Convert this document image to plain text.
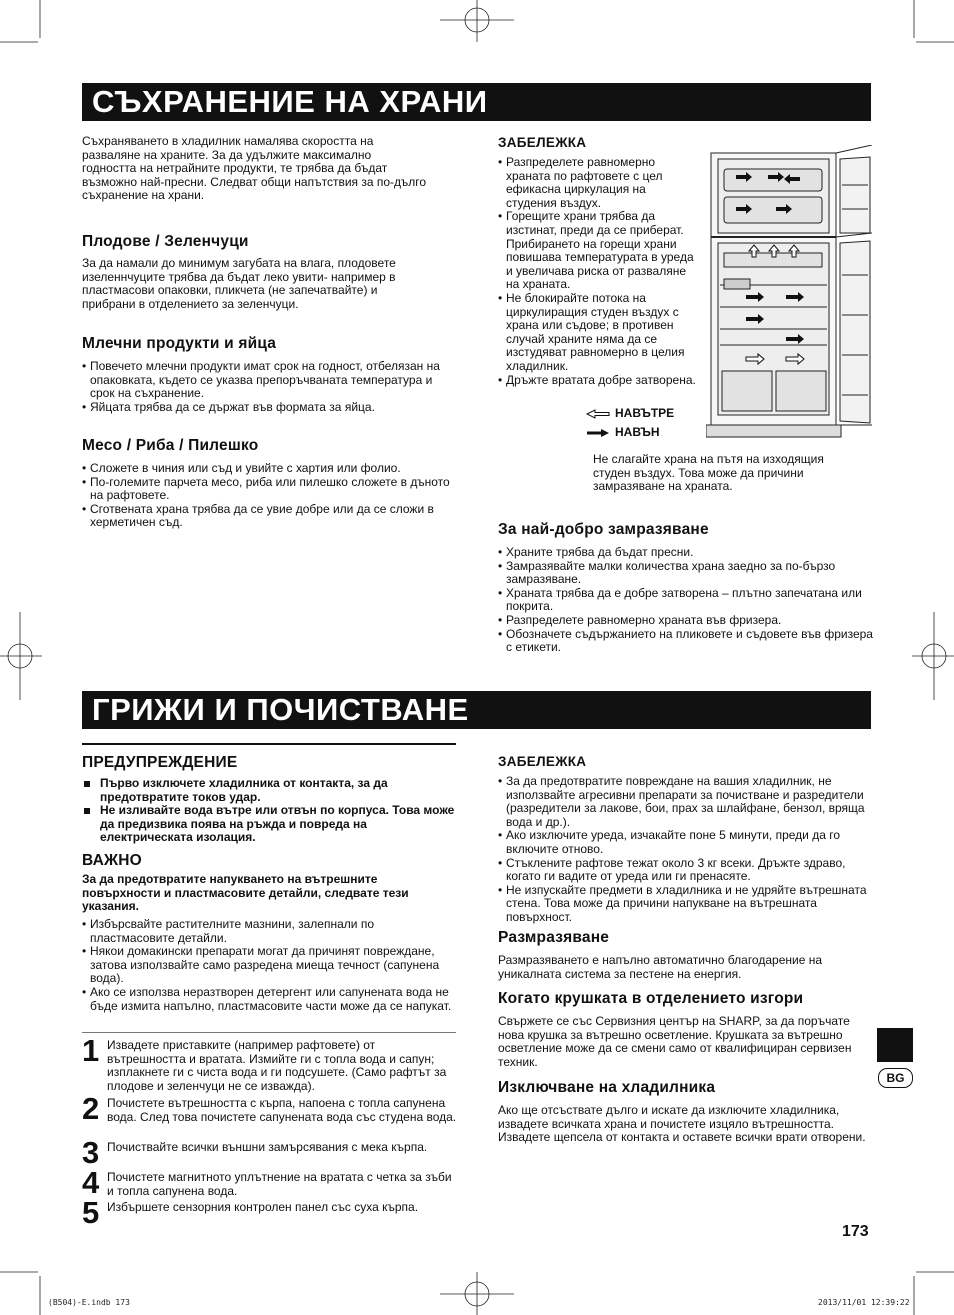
СЪХРАНЕНИЕ НА ХРАНИ

Съхраняването в хладилник намалява скоростта на разваляне на храните. За да удължите максимално годността на нетрайните продукти, те трябва да бъдат възможно най-пресни. Следват общи напътствия за по-дълго съхранение на храни.

Плодове / Зеленчуци

За да намали до минимум загубата на влага, плодовете изеленнчуците трябва да бъдат леко увити- например в пластмасови опаковки, пликчета (не запечатвайте) и прибрани в отделението за зеленчуци.

Млечни продукти и яйца
• Повечето млечни продукти имат срок на годност, отбелязан на опаковката, където се указва препоръчваната температура и срок на съхранение.
• Яйцата трябва да се държат във формата за яйца.
Месо / Риба / Пилешко
• Сложете в чиния или съд и увийте с хартия или фолио.
• По-големите парчета месо, риба или пилешко сложете в дъното на рафтовете.
• Сготвената храна трябва да се увие добре или да се сложи в херметичен съд.
ЗАБЕЛЕЖКА
• Разпределете равномерно храната по рафтовете с цел ефикасна циркулация на студения въздух.
• Горещите храни трябва да изстинат, преди да се приберат. Прибирането на горещи храни повишава температурата в уреда и увеличава риска от разваляне на храната.
• Не блокирайте потока на циркулиращия студен въздух с храна или съдове; в противен случай храните няма да се изстудяват равномерно в целия хладилник.
• Дръжте вратата добре затворена.
НАВЪТРЕ
НАВЪН

Не слагайте храна на пътя на изходящия студен въздух. Това може да причини замразяване на храната.

За най-добро замразяване
• Храните трябва да бъдат пресни.
• Замразявайте малки количества храна заедно за по-бързо замразяване.
• Храната трябва да е добре затворена – плътно запечатана или покрита.
• Разпределете равномерно храната във фризера.
• Обозначете съдържанието на пликовете и съдовете във фризера с етикети.
ГРИЖИ И ПОЧИСТВАНЕ
ПРЕДУПРЕЖДЕНИЕ
Първо изключете хладилника от контакта, за да предотвратите токов удар.
Не изливайте вода вътре или отвън по корпуса. Това може да предизвика поява на ръжда и повреда на електрическата изолация.
ВАЖНО

За да предотвратите напукването на вътрешните повърхности и пластмасовите детайли, следвате тези указания.

• Избърсвайте растителните мазнини, залепнали по пластмасовите детайли.
• Някои домакински препарати могат да причинят повреждане, затова използвайте само разредена миеща течност (сапунена вода).
• Ако се използва неразтворен детергент или сапунената вода не бъде измита напълно, пластмасовите части може да се напукат.
1 Извадете приставките (например рафтовете) от вътрешността и вратата. Измийте ги с топла вода и сапун; изплакнете ги с чиста вода и ги подсушете. (Само рафтът за плодове и зеленчуци не се изважда).
2 Почистете вътрешността с кърпа, напоена с топла сапунена вода. След това почистете сапунената вода със студена вода.
3 Почиствайте всички външни замърсявания с мека кърпа.
4 Почистете магнитното уплътнение на вратата с четка за зъби и топла сапунена вода.
5 Избършете сензорния контролен панел със суха кърпа.
ЗАБЕЛЕЖКА
• За да предотвратите повреждане на вашия хладилник, не използвайте агресивни препарати за почистване и разредители (разредители за лакове, бои, прах за шлайфане, бензол, вряща вода и др.).
• Ако изключите уреда, изчакайте поне 5 минути, преди да го включите отново.
• Стъклените рафтове тежат около 3 кг всеки. Дръжте здраво, когато ги вадите от уреда или ги пренасяте.
• Не изпускайте предмети в хладилника и не удряйте вътрешната стена. Това може да причини напукване на вътрешната повърхност.
Размразяване

Размразяването е напълно автоматично благодарение на уникалната система за пестене на енергия.

Когато крушката в отделението изгори

Свържете се със Сервизния център на SHARP, за да поръчате нова крушка за вътрешно осветление. Крушката за вътрешно осветление може да се смени само от квалифициран сервизен техник.

Изключване на хладилника

Ако ще отсъствате дълго и искате да изключите хладилника, извадете всичката храна и почистете изцяло вътрешността. Извадете щепсела от контакта и оставете всички врати отворени.

BG
173
(B504)-E.indb 173	2013/11/01 12:39:22
